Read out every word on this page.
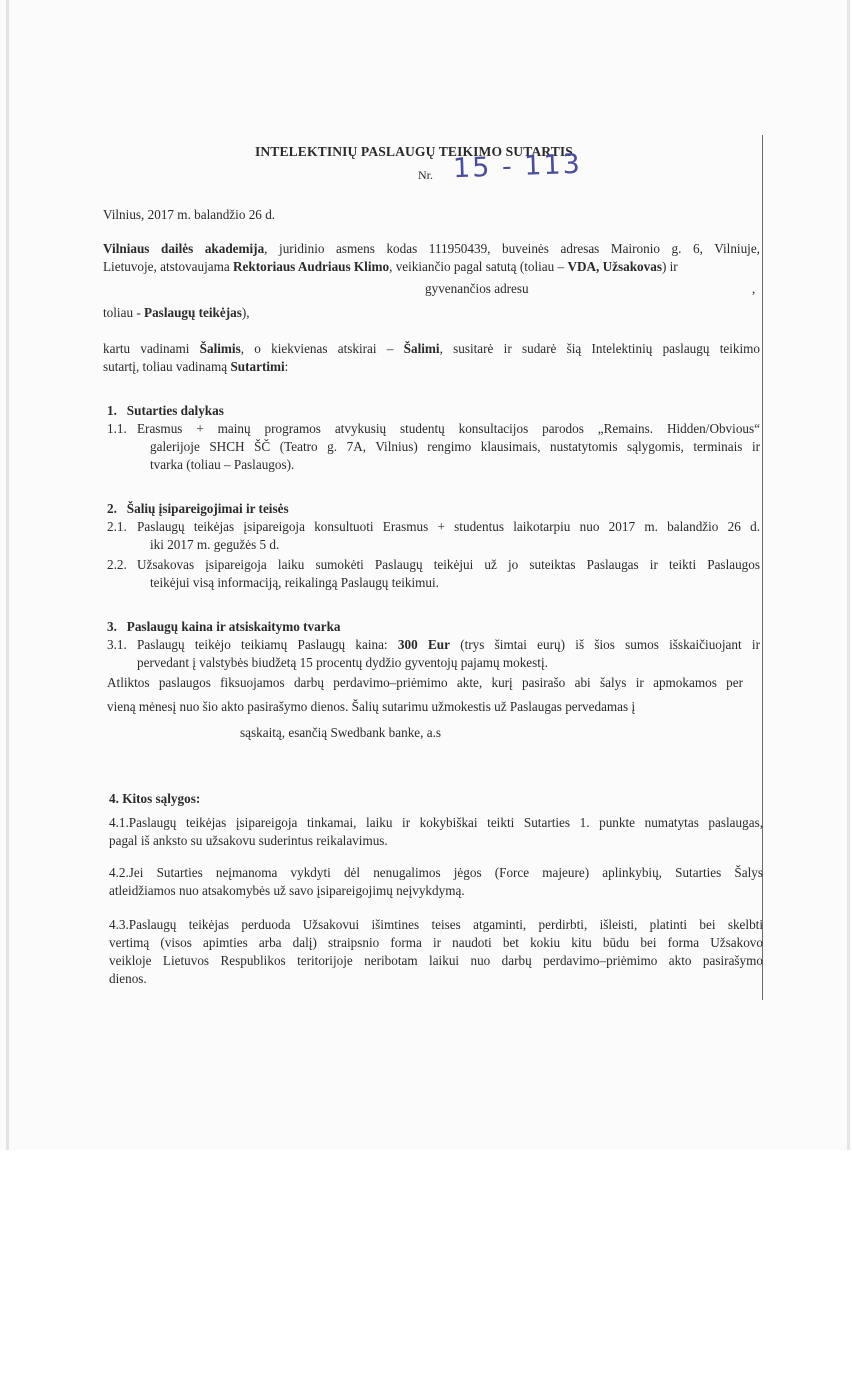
INTELEKTINIŲ PASLAUGŲ TEIKIMO SUTARTIS
Nr. 15 - 113
Vilnius, 2017 m. balandžio 26 d.
Vilniaus dailės akademija, juridinio asmens kodas 111950439, buveinės adresas Maironio g. 6, Vilniuje,
Lietuvoje, atstovaujama Rektoriaus Audriaus Klimo, veikiančio pagal satutą (toliau – VDA, Užsakovas) ir
gyvenančios adresu	,
toliau - Paslaugų teikėjas),
kartu vadinami Šalimis, o kiekvienas atskirai – Šalimi, susitarė ir sudarė šią Intelektinių paslaugų teikimo
sutartį, toliau vadinamą Sutartimi:
1.   Sutarties dalykas
1.1. Erasmus + mainų programos atvykusių studentų konsultacijos parodos „Remains. Hidden/Obvious“
galerijoje SHCH ŠČ (Teatro g. 7A, Vilnius) rengimo klausimais, nustatytomis sąlygomis, terminais ir
tvarka (toliau – Paslaugos).
2.   Šalių įsipareigojimai ir teisės
2.1. Paslaugų teikėjas įsipareigoja konsultuoti Erasmus + studentus laikotarpiu nuo 2017 m. balandžio 26 d.
iki 2017 m. gegužės 5 d.
2.2. Užsakovas įsipareigoja laiku sumokėti Paslaugų teikėjui už jo suteiktas Paslaugas ir teikti Paslaugos
teikėjui visą informaciją, reikalingą Paslaugų teikimui.
3.   Paslaugų kaina ir atsiskaitymo tvarka
3.1. Paslaugų teikėjo teikiamų Paslaugų kaina: 300 Eur (trys šimtai eurų) iš šios sumos išskaičiuojant ir
pervedant į valstybės biudžetą 15 procentų dydžio gyventojų pajamų mokestį.
Atliktos paslaugos fiksuojamos darbų perdavimo–priėmimo akte, kurį pasirašo abi šalys ir apmokamos per
vieną mėnesį nuo šio akto pasirašymo dienos. Šalių sutarimu užmokestis už Paslaugas pervedamas į
sąskaitą, esančią Swedbank banke, a.s
4. Kitos sąlygos:
4.1.Paslaugų teikėjas įsipareigoja tinkamai, laiku ir kokybiškai teikti Sutarties 1. punkte numatytas paslaugas,
pagal iš anksto su užsakovu suderintus reikalavimus.
4.2.Jei Sutarties neįmanoma vykdyti dėl nenugalimos jėgos (Force majeure) aplinkybių, Sutarties Šalys
atleidžiamos nuo atsakomybės už savo įsipareigojimų neįvykdymą.
4.3.Paslaugų teikėjas perduoda Užsakovui išimtines teises atgaminti, perdirbti, išleisti, platinti bei skelbti
vertimą (visos apimties arba dalį) straipsnio forma ir naudoti bet kokiu kitu būdu bei forma Užsakovo
veikloje Lietuvos Respublikos teritorijoje neribotam laikui nuo darbų perdavimo–priėmimo akto pasirašymo
dienos.
